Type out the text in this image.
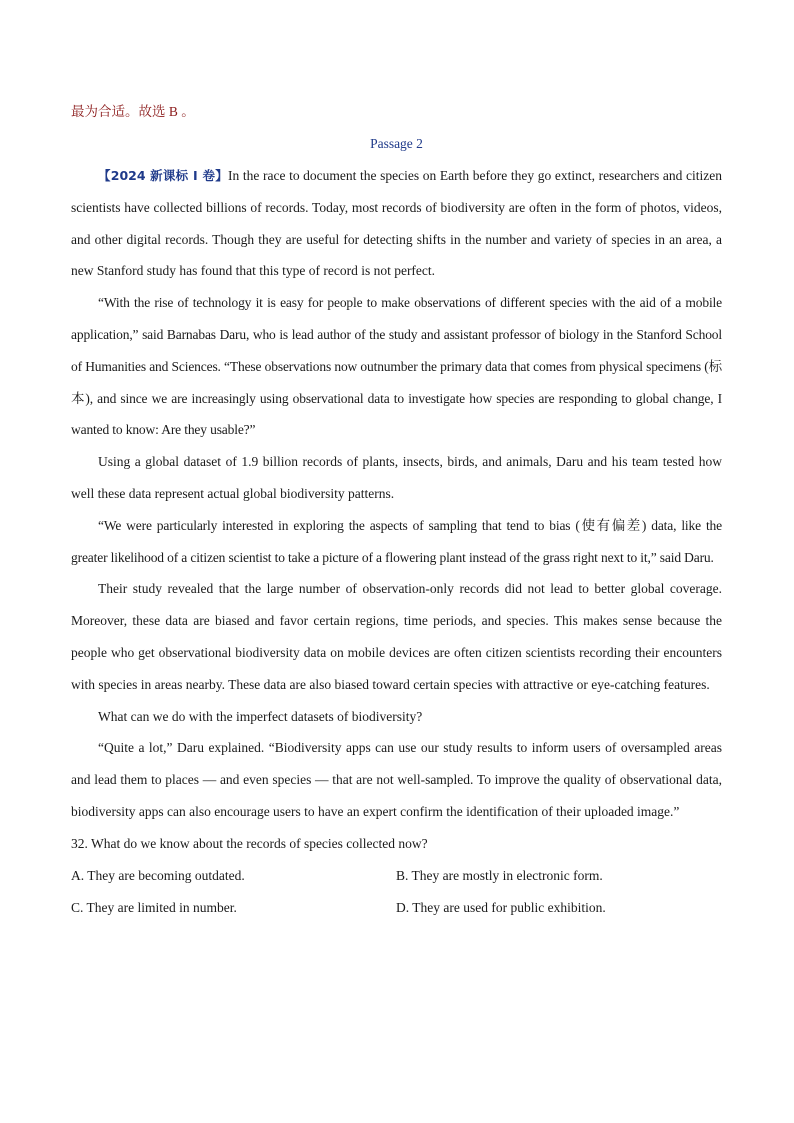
最为合适。故选 B 。
Passage 2

【2024 新课标 Ⅰ 卷】In the race to document the species on Earth before they go extinct, researchers and citizen scientists have collected billions of records. Today, most records of biodiversity are often in the form of photos, videos, and other digital records. Though they are useful for detecting shifts in the number and variety of species in an area, a new Stanford study has found that this type of record is not perfect.

“With the rise of technology it is easy for people to make observations of different species with the aid of a mobile application,” said Barnabas Daru, who is lead author of the study and assistant professor of biology in the Stanford School of Humanities and Sciences. “These observations now outnumber the primary data that comes from physical specimens (标本), and since we are increasingly using observational data to investigate how species are responding to global change, I wanted to know: Are they usable?”

Using a global dataset of 1.9 billion records of plants, insects, birds, and animals, Daru and his team tested how well these data represent actual global biodiversity patterns.

“We were particularly interested in exploring the aspects of sampling that tend to bias (使有偏差) data, like the greater likelihood of a citizen scientist to take a picture of a flowering plant instead of the grass right next to it,” said Daru.

Their study revealed that the large number of observation-only records did not lead to better global coverage. Moreover, these data are biased and favor certain regions, time periods, and species. This makes sense because the people who get observational biodiversity data on mobile devices are often citizen scientists recording their encounters with species in areas nearby. These data are also biased toward certain species with attractive or eye-catching features.

What can we do with the imperfect datasets of biodiversity?

“Quite a lot,” Daru explained. “Biodiversity apps can use our study results to inform users of oversampled areas and lead them to places — and even species — that are not well-sampled. To improve the quality of observational data, biodiversity apps can also encourage users to have an expert confirm the identification of their uploaded image.”

32. What do we know about the records of species collected now?

A. They are becoming outdated.	B. They are mostly in electronic form.
C. They are limited in number.	D. They are used for public exhibition.
